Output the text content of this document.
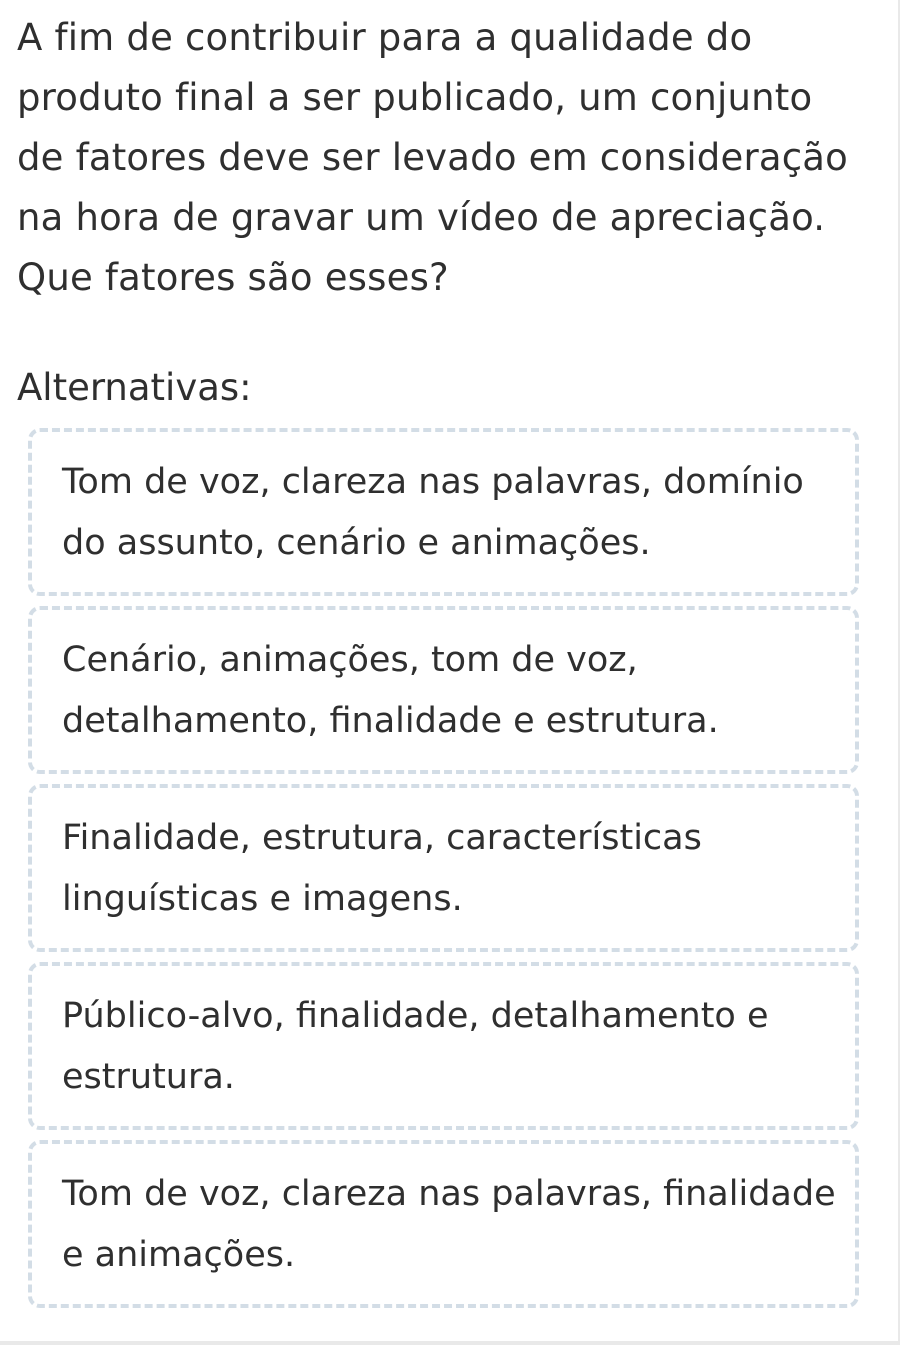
A fim de contribuir para a qualidade do produto final a ser publicado, um conjunto de fatores deve ser levado em consideração na hora de gravar um vídeo de apreciação. Que fatores são esses?

Alternativas:

Tom de voz, clareza nas palavras, domínio do assunto, cenário e animações.
Cenário, animações, tom de voz, detalhamento, finalidade e estrutura.
Finalidade, estrutura, características linguísticas e imagens.
Público-alvo, finalidade, detalhamento e estrutura.
Tom de voz, clareza nas palavras, finalidade e animações.
